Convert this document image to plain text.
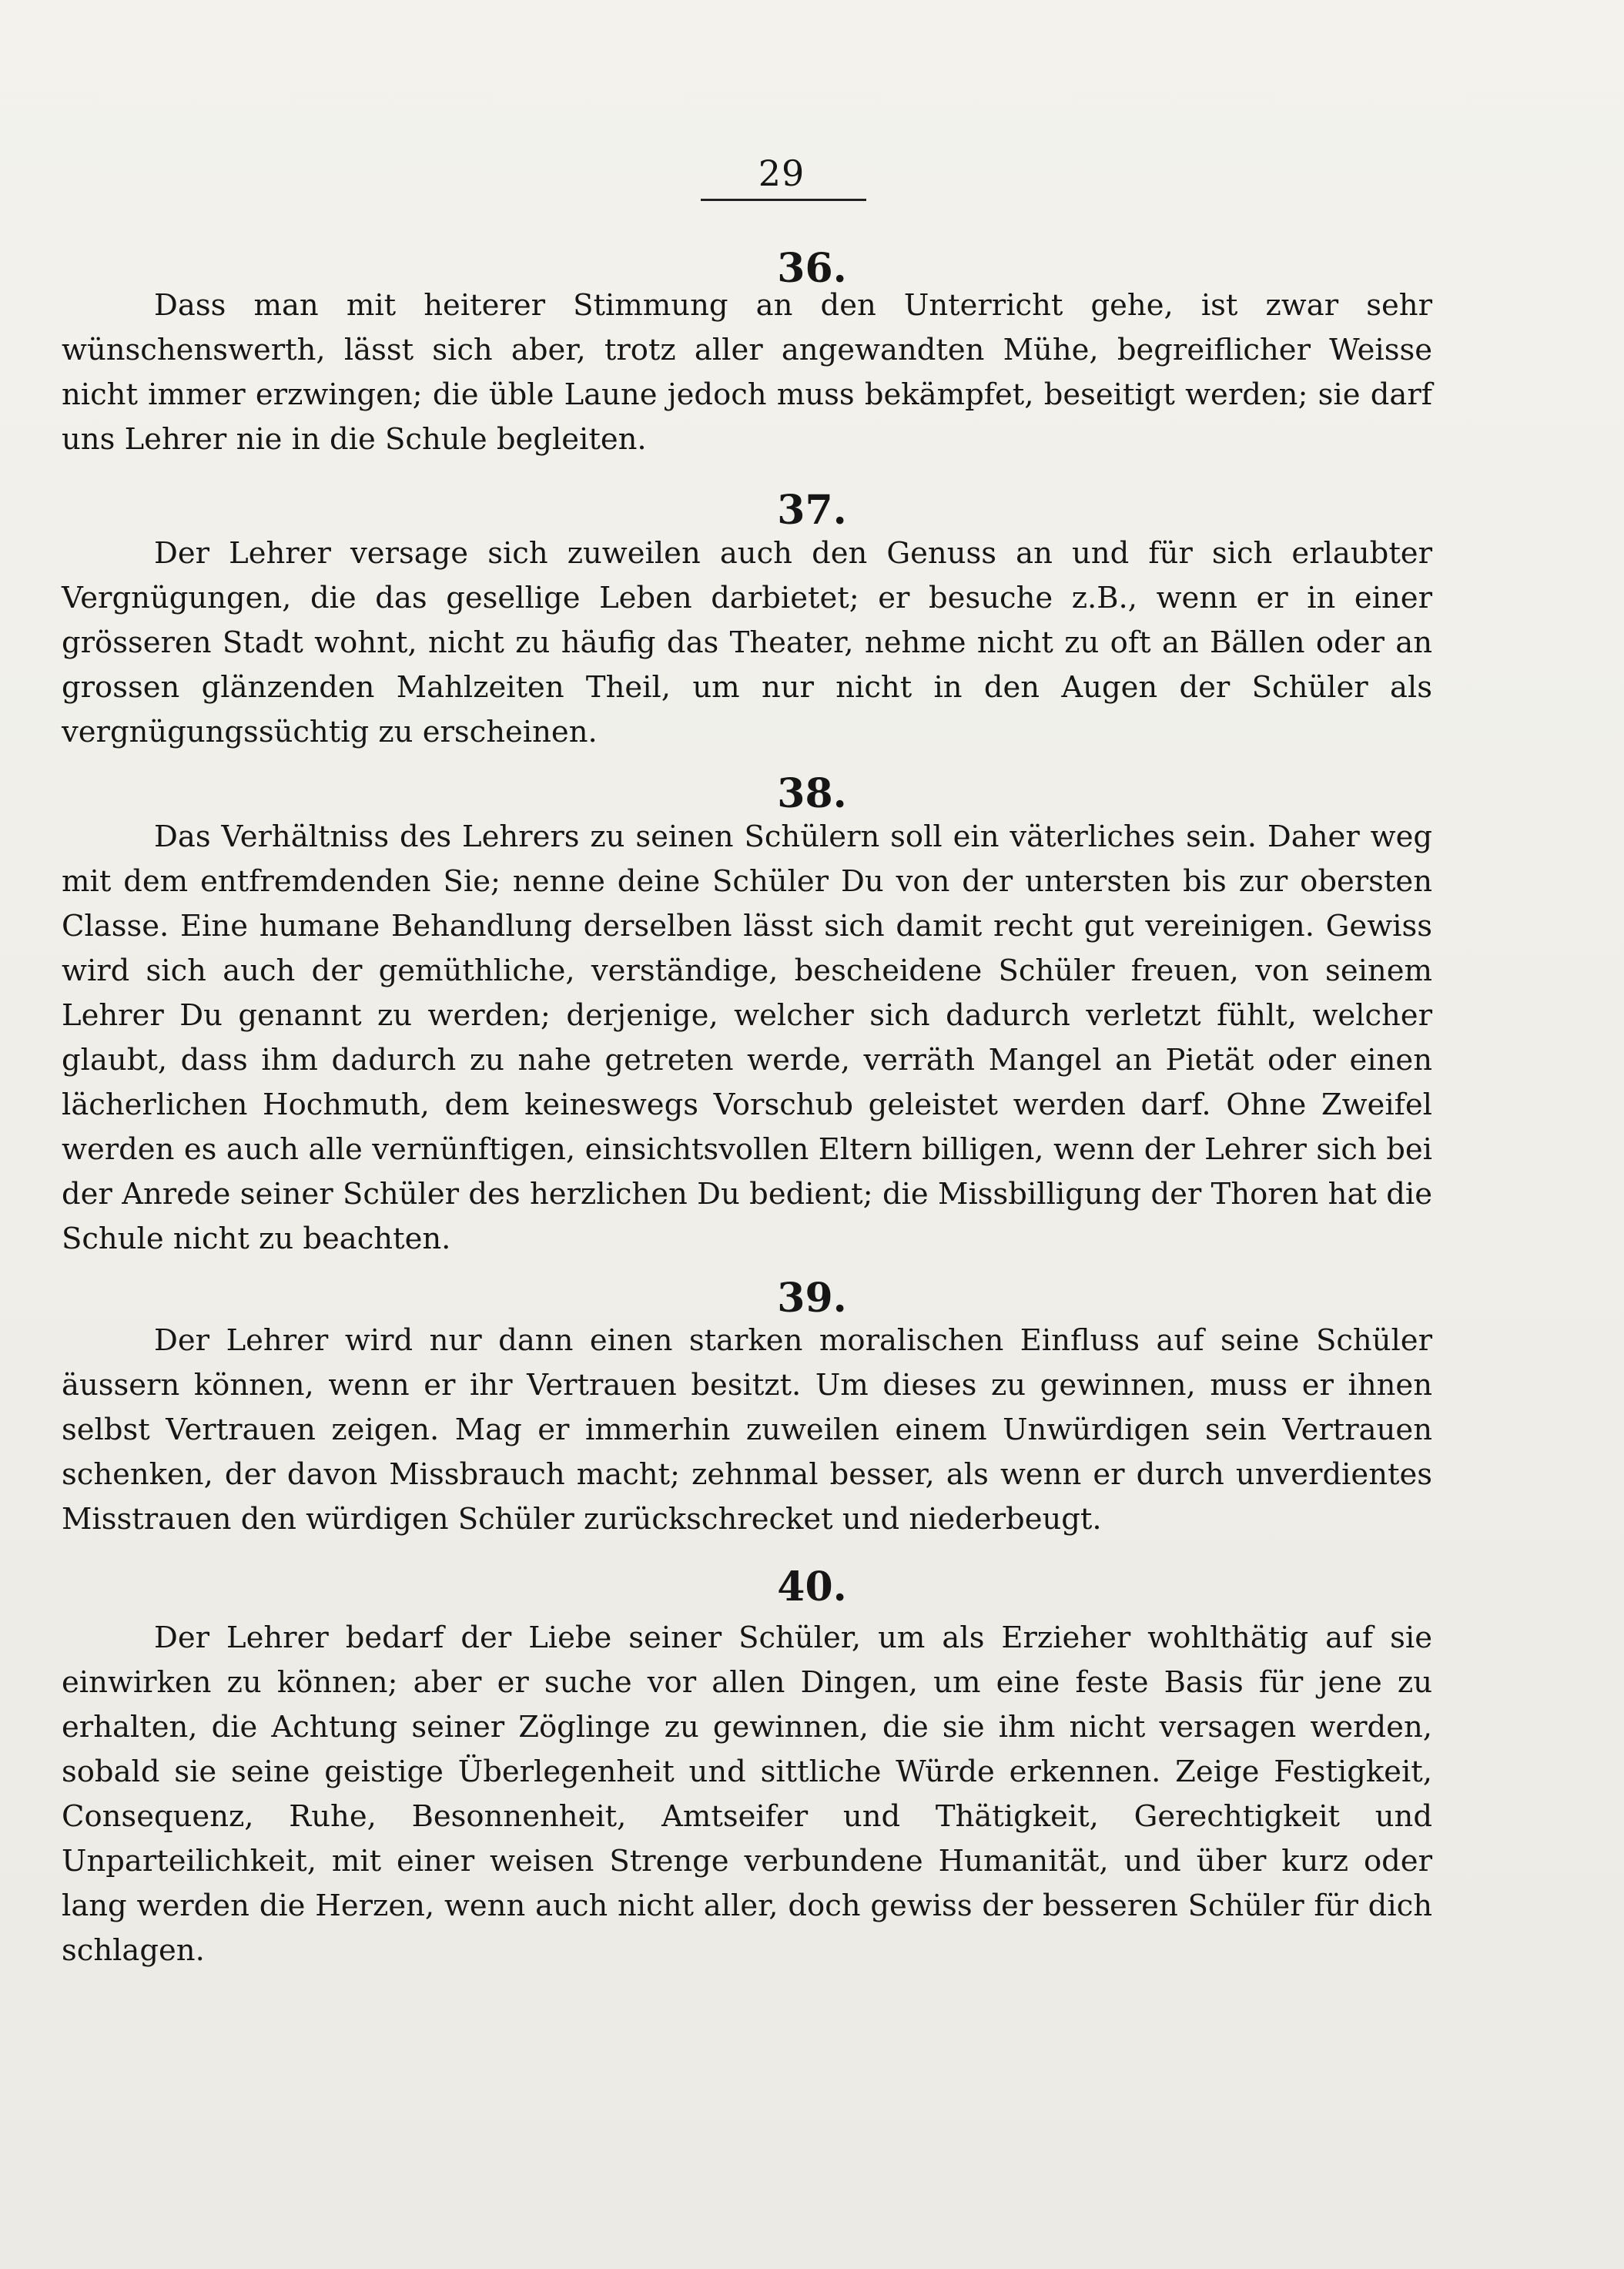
29
36.
Dass man mit heiterer Stimmung an den Unterricht gehe, ist zwar sehr wünschenswerth, lässt sich aber, trotz aller angewandten Mühe, begreiflicher Weisse nicht immer erzwingen; die üble Laune jedoch muss bekämpfet, beseitigt werden; sie darf uns Lehrer nie in die Schule begleiten.
37.
Der Lehrer versage sich zuweilen auch den Genuss an und für sich erlaubter Vergnügungen, die das gesellige Leben darbietet; er besuche z.B., wenn er in einer grösseren Stadt wohnt, nicht zu häufig das Theater, nehme nicht zu oft an Bällen oder an grossen glänzenden Mahlzeiten Theil, um nur nicht in den Augen der Schüler als vergnügungssüchtig zu erscheinen.
38.
Das Verhältniss des Lehrers zu seinen Schülern soll ein väterliches sein. Daher weg mit dem entfremdenden Sie; nenne deine Schüler Du von der untersten bis zur obersten Classe. Eine humane Behandlung derselben lässt sich damit recht gut vereinigen. Gewiss wird sich auch der gemüthliche, verständige, bescheidene Schüler freuen, von seinem Lehrer Du genannt zu werden; derjenige, welcher sich dadurch verletzt fühlt, welcher glaubt, dass ihm dadurch zu nahe getreten werde, verräth Mangel an Pietät oder einen lächerlichen Hochmuth, dem keineswegs Vorschub geleistet werden darf. Ohne Zweifel werden es auch alle vernünftigen, einsichtsvollen Eltern billigen, wenn der Lehrer sich bei der Anrede seiner Schüler des herzlichen Du bedient; die Missbilligung der Thoren hat die Schule nicht zu beachten.
39.
Der Lehrer wird nur dann einen starken moralischen Einfluss auf seine Schüler äussern können, wenn er ihr Vertrauen besitzt. Um dieses zu gewinnen, muss er ihnen selbst Vertrauen zeigen. Mag er immerhin zuweilen einem Unwürdigen sein Vertrauen schenken, der davon Missbrauch macht; zehnmal besser, als wenn er durch unverdientes Misstrauen den würdigen Schüler zurückschrecket und niederbeugt.
40.
Der Lehrer bedarf der Liebe seiner Schüler, um als Erzieher wohlthätig auf sie einwirken zu können; aber er suche vor allen Dingen, um eine feste Basis für jene zu erhalten, die Achtung seiner Zöglinge zu gewinnen, die sie ihm nicht versagen werden, sobald sie seine geistige Überlegenheit und sittliche Würde erkennen. Zeige Festigkeit, Consequenz, Ruhe, Besonnenheit, Amtseifer und Thätigkeit, Gerechtigkeit und Unparteilichkeit, mit einer weisen Strenge verbundene Humanität, und über kurz oder lang werden die Herzen, wenn auch nicht aller, doch gewiss der besseren Schüler für dich schlagen.
